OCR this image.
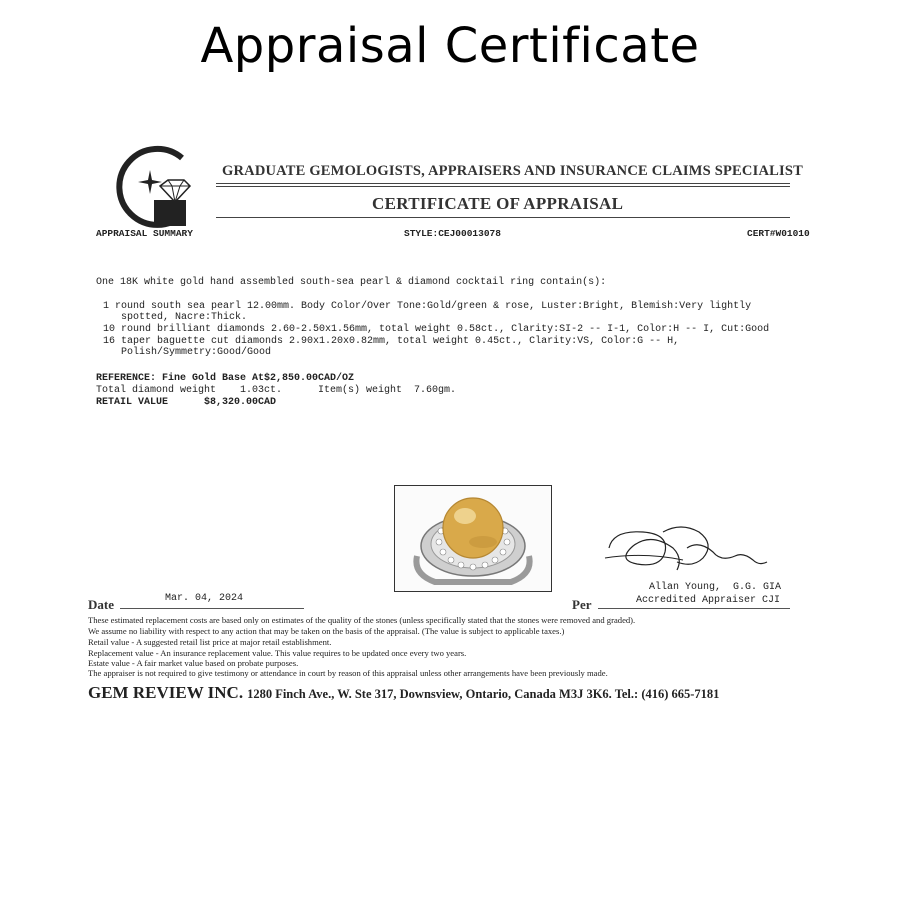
Appraisal Certificate
GRADUATE GEMOLOGISTS, APPRAISERS AND INSURANCE CLAIMS SPECIALIST
CERTIFICATE OF APPRAISAL
APPRAISAL SUMMARY	STYLE:CEJ00013078	CERT#W01010
One 18K white gold hand assembled south-sea pearl & diamond cocktail ring contain(s):
1 round south sea pearl 12.00mm. Body Color/Over Tone:Gold/green & rose, Luster:Bright, Blemish:Very lightly
spotted, Nacre:Thick.
10 round brilliant diamonds 2.60-2.50x1.56mm, total weight 0.58ct., Clarity:SI-2 -- I-1, Color:H -- I, Cut:Good
16 taper baguette cut diamonds 2.90x1.20x0.82mm, total weight 0.45ct., Clarity:VS, Color:G -- H,
Polish/Symmetry:Good/Good
REFERENCE: Fine Gold Base At$2,850.00CAD/OZ
Total diamond weight    1.03ct.      Item(s) weight  7.60gm.
RETAIL VALUE	$8,320.00CAD
Allan Young,  G.G. GIA
Date	Mar. 04, 2024	Per	Accredited Appraiser CJI
These estimated replacement costs are based only on estimates of the quality of the stones (unless specifically stated that the stones were removed and graded).
We assume no liability with respect to any action that may be taken on the basis of the appraisal. (The value is subject to applicable taxes.)
Retail value - A suggested retail list price at major retail establishment.
Replacement value - An insurance replacement value. This value requires to be updated once every two years.
Estate value - A fair market value based on probate purposes.
The appraiser is not required to give testimony or attendance in court by reason of this appraisal unless other arrangements have been previously made.
GEM REVIEW INC. 1280 Finch Ave., W. Ste 317, Downsview, Ontario, Canada M3J 3K6. Tel.: (416) 665-7181
